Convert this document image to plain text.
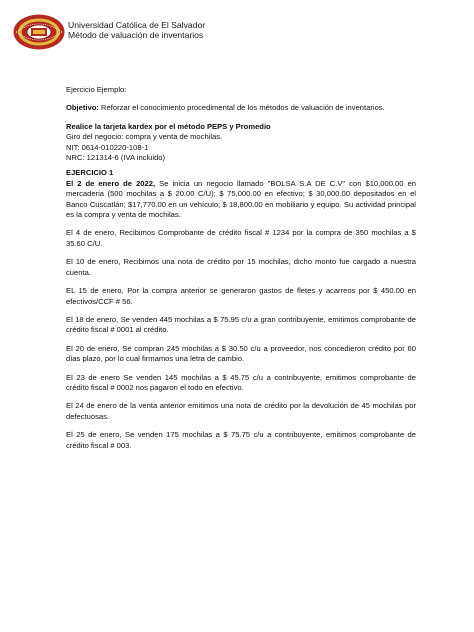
Universidad Católica de El Salvador
Método de valuación de inventarios

Ejercicio Ejemplo:

Objetivo: Reforzar el conocimiento procedimental de los métodos de valuación de inventarios.

Realice la tarjeta kardex por el método PEPS y Promedio

Giro del negocio: compra y venta de mochilas.

NIT: 0614-010220-108-1

NRC: 121314-6 (IVA incluido)

EJERCICIO 1

El 2 de enero de 2022, Se inicia un negocio llamado "BOLSA S.A DE C.V" con $10,000.00 en mercaderia (500 mochilas a $ 20.00 C/U); $ 75,000.00 en efectivo; $ 30,000.00 depositados en el Banco Cuscatlán; $17,770.00 en un vehículo; $ 18,800.00 en mobiliario y equipo. Su actividad principal es la compra y venta de mochilas.

El 4 de enero, Recibimos Comprobante de crédito fiscal # 1234 por la compra de 350 mochilas a $ 35.60 C/U.

El 10 de enero, Recibimos una nota de crédito por 15 mochilas, dicho monto fue cargado a nuestra cuenta.

EL 15 de enero, Por la compra anterior se generaron gastos de fletes y acarreos por $ 450.00 en efectivos/CCF # 56.

El 18 de enero, Se venden 445 mochilas a $ 75.95 c/u a gran contribuyente, emitimos comprobante de crédito fiscal # 0001 al crédito.

El 20 de enero, Se compran 245 mochilas a $ 30.50 c/u a proveedor, nos concedieron crédito por 60 días plazo, por lo cual firmamos una letra de cambio.

El 23 de enero Se venden 145 mochilas a $ 45.75 c/u a contribuyente, emitimos comprobante de crédito fiscal # 0002 nos pagaron el todo en efectivo.

El 24 de enero de la venta anterior emitimos una nota de crédito por la devolución de 45 mochilas por defectuosas.

El 25 de enero, Se venden 175 mochilas a $ 75.75 c/u a contribuyente, emitimos comprobante de crédito fiscal # 003.
